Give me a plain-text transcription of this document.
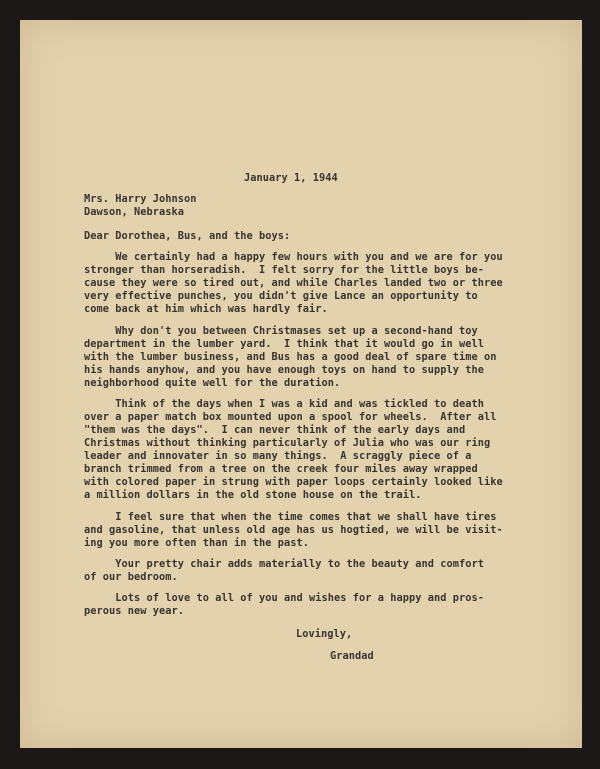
January 1, 1944
Mrs. Harry Johnson
Dawson, Nebraska
Dear Dorothea, Bus, and the boys:
We certainly had a happy few hours with you and we are for you
stronger than horseradish.  I felt sorry for the little boys be-
cause they were so tired out, and while Charles landed two or three
very effective punches, you didn't give Lance an opportunity to
come back at him which was hardly fair.
Why don't you between Christmases set up a second-hand toy
department in the lumber yard.  I think that it would go in well
with the lumber business, and Bus has a good deal of spare time on
his hands anyhow, and you have enough toys on hand to supply the
neighborhood quite well for the duration.
Think of the days when I was a kid and was tickled to death
over a paper match box mounted upon a spool for wheels.  After all
"them was the days".  I can never think of the early days and
Christmas without thinking particularly of Julia who was our ring
leader and innovater in so many things.  A scraggly piece of a
branch trimmed from a tree on the creek four miles away wrapped
with colored paper in strung with paper loops certainly looked like
a million dollars in the old stone house on the trail.
I feel sure that when the time comes that we shall have tires
and gasoline, that unless old age has us hogtied, we will be visit-
ing you more often than in the past.
Your pretty chair adds materially to the beauty and comfort
of our bedroom.
Lots of love to all of you and wishes for a happy and pros-
perous new year.
Lovingly,
Grandad
